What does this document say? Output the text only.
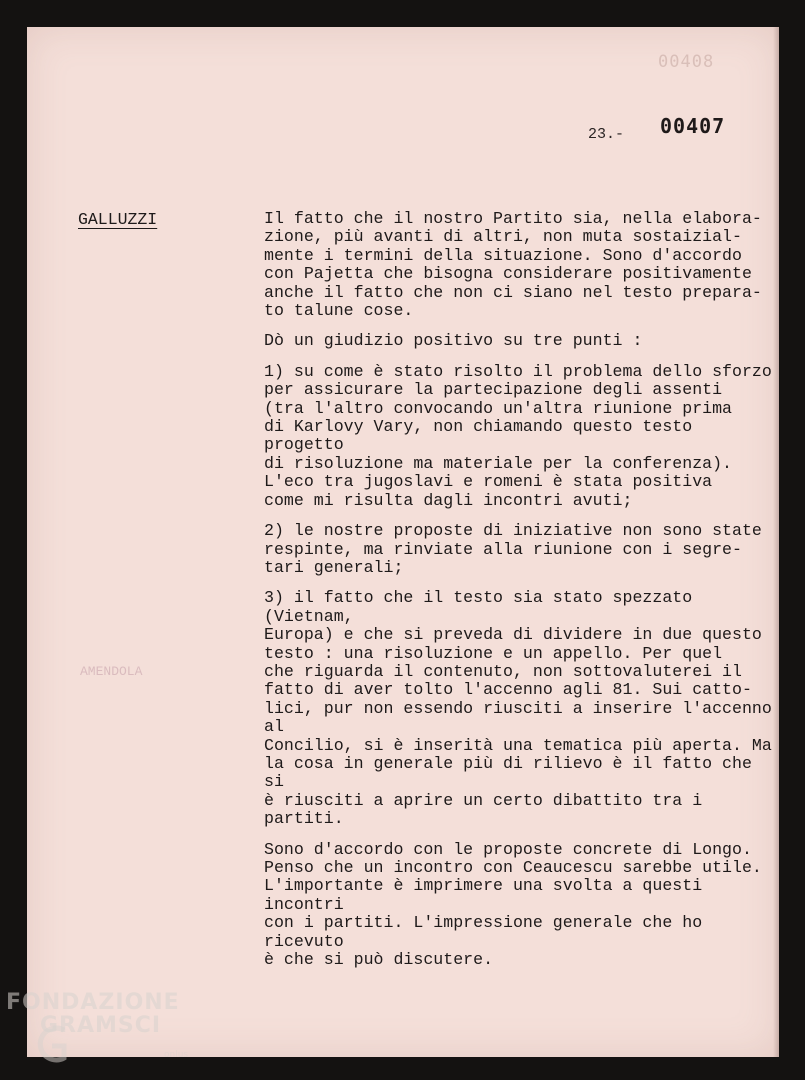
00408
23.- 00407
GALLUZZI
AMENDOLA

Il fatto che il nostro Partito sia, nella elabora-
zione, più avanti di altri, non muta sostaizial-
mente i termini della situazione. Sono d'accordo
con Pajetta che bisogna considerare positivamente
anche il fatto che non ci siano nel testo prepara-
to talune cose.

Dò un giudizio positivo su tre punti :

1) su come è stato risolto il problema dello sforzo
per assicurare la partecipazione degli assenti
(tra l'altro convocando un'altra riunione prima
di Karlovy Vary, non chiamando questo testo progetto
di risoluzione ma materiale per la conferenza).
L'eco tra jugoslavi e romeni è stata positiva
come mi risulta dagli incontri avuti;

2) le nostre proposte di iniziative non sono state
respinte, ma rinviate alla riunione con i segre-
tari generali;

3) il fatto che il testo sia stato spezzato (Vietnam,
Europa) e che si preveda di dividere in due questo
testo : una risoluzione e un appello. Per quel
che riguarda il contenuto, non sottovaluterei il
fatto di aver tolto l'accenno agli 81. Sui catto-
lici, pur non essendo riusciti a inserire l'accenno al
Concilio, si è inserità una tematica più aperta. Ma
la cosa in generale più di rilievo è il fatto che si
è riusciti a aprire un certo dibattito tra i partiti.

Sono d'accordo con le proposte concrete di Longo.
Penso che un incontro con Ceaucescu sarebbe utile.
L'importante è imprimere una svolta a questi incontri
con i partiti. L'impressione generale che ho ricevuto
è che si può discutere.

FONDAZIONE
GRAMSCI
onlus
